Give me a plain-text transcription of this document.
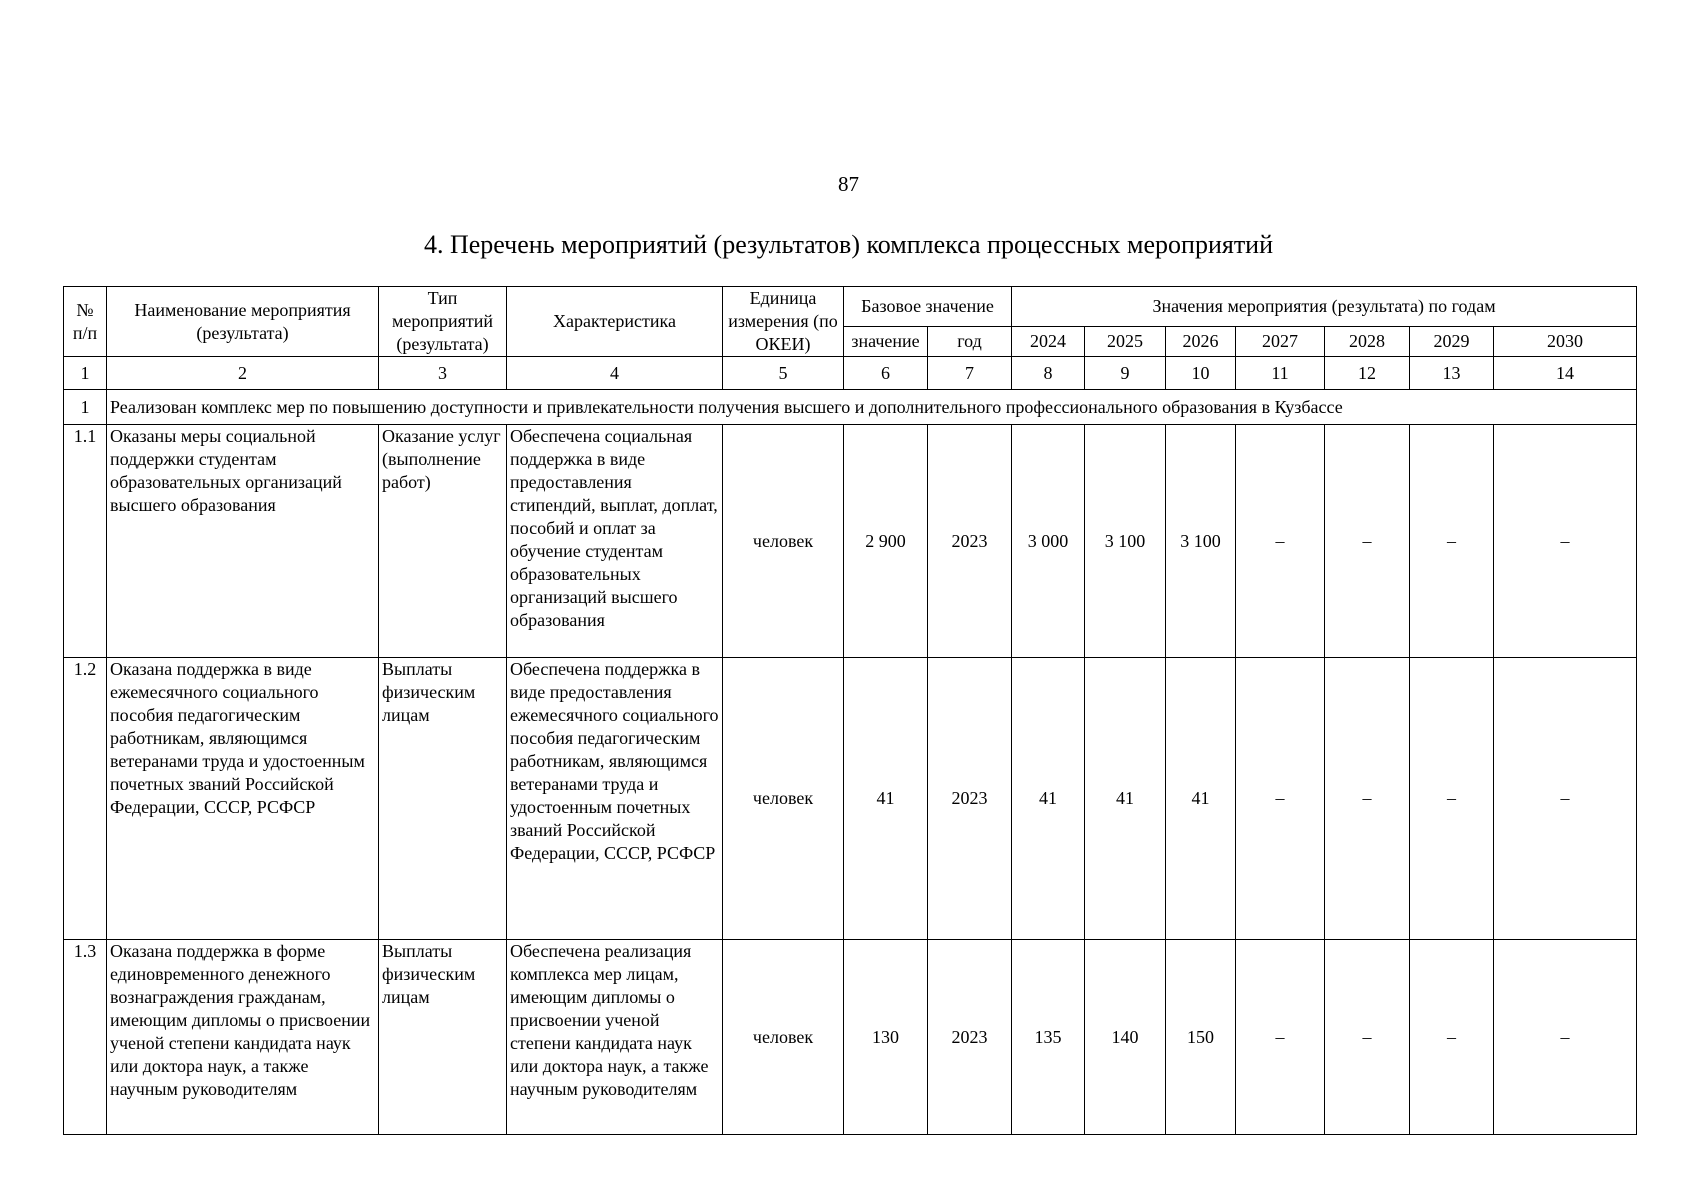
87
4. Перечень мероприятий (результатов) комплекса процессных мероприятий
№ п/п	Наименование мероприятия (результата)	Тип мероприятий (результата)	Характеристика	Единица измерения (по ОКЕИ)	Базовое значение		Значения мероприятия (результата) по годам						
					значение	год	2024	2025	2026	2027	2028	2029	2030
1	2	3	4	5	6	7	8	9	10	11	12	13	14
1	Реализован комплекс мер по повышению доступности и привлекательности получения высшего и дополнительного профессионального образования в Кузбассе												
1.1	Оказаны меры социальной поддержки студентам образовательных организаций высшего образования	Оказание услуг (выполнение работ)	Обеспечена социальная поддержка в виде предоставления стипендий, выплат, доплат, пособий и оплат за обучение студентам образовательных организаций высшего образования	человек	2 900	2023	3 000	3 100	3 100	–	–	–	–
1.2	Оказана поддержка в виде ежемесячного социального пособия педагогическим работникам, являющимся ветеранами труда и удостоенным почетных званий Российской Федерации, СССР, РСФСР	Выплаты физическим лицам	Обеспечена поддержка в виде предоставления ежемесячного социального пособия педагогическим работникам, являющимся ветеранами труда и удостоенным почетных званий Российской Федерации, СССР, РСФСР	человек	41	2023	41	41	41	–	–	–	–
1.3	Оказана поддержка в форме единовременного денежного вознаграждения гражданам, имеющим дипломы о присвоении ученой степени кандидата наук или доктора наук, а также научным руководителям	Выплаты физическим лицам	Обеспечена реализация комплекса мер лицам, имеющим дипломы о присвоении ученой степени кандидата наук или доктора наук, а также научным руководителям	человек	130	2023	135	140	150	–	–	–	–
